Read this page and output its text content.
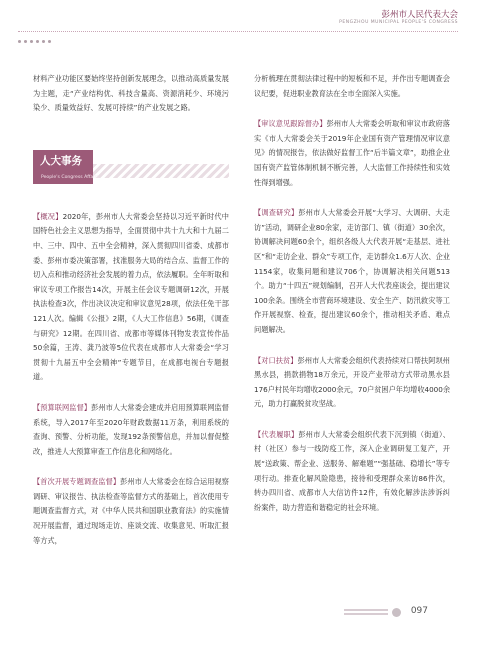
彭州市人民代表大会
PENGZHOU MUNICIPAL PEOPLE'S CONGRESS

材料产业功能区要始终坚持创新发展理念，以推动高质量发展为主题，走“产业结构优、科技含量高、资源消耗少、环境污染少、质量效益好、发展可持续”的产业发展之路。

人大事务
People's Congress Affairs

【概况】2020年，彭州市人大常委会坚持以习近平新时代中国特色社会主义思想为指导，全面贯彻中共十九大和十九届二中、三中、四中、五中全会精神，深入贯彻四川省委、成都市委、彭州市委决策部署，找准服务大局的结合点、监督工作的切入点和推动经济社会发展的着力点，依法履职。全年听取和审议专项工作报告14次，开展主任会议专题调研12次，开展执法检查3次，作出决议决定和审议意见28项，依法任免干部121人次。编辑《公报》2期，《人大工作信息》56期，《调查与研究》12期。在四川省、成都市等媒体刊物发表宣传作品50余篇，王涛、龚乃波等5位代表在成都市人大常委会“学习贯彻十九届五中全会精神”专题节目，在成都电视台专题报道。

【预算联网监督】彭州市人大常委会建成并启用预算联网监督系统，导入2017年至2020年财政数据11万条，利用系统的查询、预警、分析功能，发现192条预警信息，并加以督促整改，推进人大预算审查工作信息化和网络化。

【首次开展专题调查监督】彭州市人大常委会在综合运用视察调研、审议报告、执法检查等监督方式的基础上，首次使用专题调查监督方式，对《中华人民共和国职业教育法》的实施情况开展监督，通过现场走访、座谈交流、收集意见、听取汇报等方式，

分析梳理在贯彻法律过程中的短板和不足，并作出专题调查会议纪要，促进职业教育法在全市全面深入实施。

【审议意见跟踪督办】彭州市人大常委会听取和审议市政府落实《市人大常委会关于2019年企业国有资产管理情况审议意见》的情况报告，依法做好监督工作“后半篇文章”，助推企业国有资产监管体制机制不断完善，人大监督工作持续性和实效性得到增强。

【调查研究】彭州市人大常委会开展“大学习、大调研、大走访”活动，调研企业80余家，走访部门、镇（街道）30余次，协调解决问题60余个，组织各级人大代表开展“走基层、进社区”和“走访企业、群众”专项工作，走访群众1.6万人次、企业1154家，收集问题和建议706个，协调解决相关问题513个。助力“十四五”规划编制，召开人大代表座谈会，提出建议100余条。围绕全市营商环境建设、安全生产、防汛救灾等工作开展视察、检查，提出建议60余个，推动相关矛盾、难点问题解决。

【对口扶贫】彭州市人大常委会组织代表持续对口帮扶阿坝州黑水县，捐款捐物18万余元，开设产业带动方式带动黑水县176户村民年均增收2000余元，70户贫困户年均增收4000余元，助力打赢脱贫攻坚战。

【代表履职】彭州市人大常委会组织代表下沉到镇（街道）、村（社区）参与一线防疫工作，深入企业调研复工复产，开展“送政策、帮企业、送服务、解难题”“强基础、稳增长”等专项行动。排查化解风险隐患，接待和受理群众来访86件次，转办四川省、成都市人大信访件12件，有效化解涉法涉诉纠纷案件，助力营造和谐稳定的社会环境。

097
